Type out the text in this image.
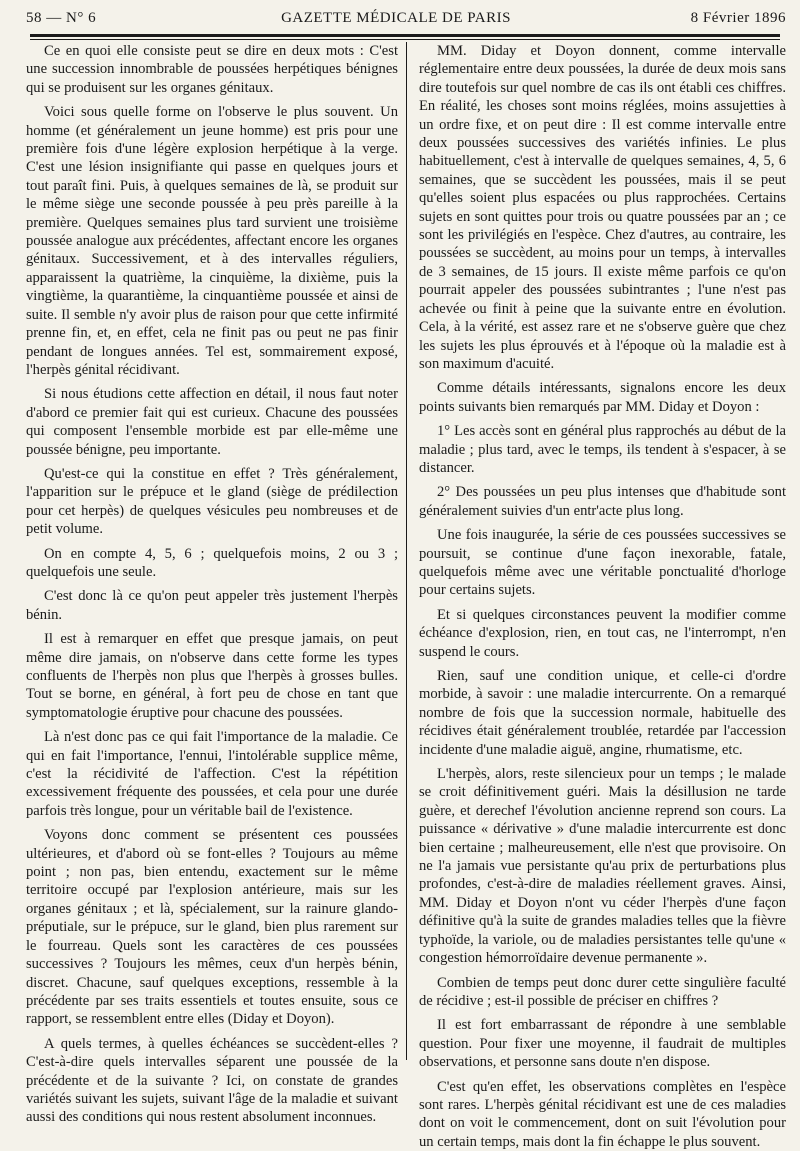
58 — N° 6	GAZETTE MÉDICALE DE PARIS	8 Février 1896

Ce en quoi elle consiste peut se dire en deux mots : C'est une succession innombrable de poussées herpétiques bénignes qui se produisent sur les organes génitaux.

Voici sous quelle forme on l'observe le plus souvent. Un homme (et généralement un jeune homme) est pris pour une première fois d'une légère explosion herpétique à la verge. C'est une lésion insignifiante qui passe en quelques jours et tout paraît fini. Puis, à quelques semaines de là, se produit sur le même siège une seconde poussée à peu près pareille à la première. Quelques semaines plus tard survient une troisième poussée analogue aux précédentes, affectant encore les organes génitaux. Successivement, et à des intervalles réguliers, apparaissent la quatrième, la cinquième, la dixième, puis la vingtième, la quarantième, la cinquantième poussée et ainsi de suite. Il semble n'y avoir plus de raison pour que cette infirmité prenne fin, et, en effet, cela ne finit pas ou peut ne pas finir pendant de longues années. Tel est, sommairement exposé, l'herpès génital récidivant.

Si nous étudions cette affection en détail, il nous faut noter d'abord ce premier fait qui est curieux. Chacune des poussées qui composent l'ensemble morbide est par elle-même une poussée bénigne, peu importante.

Qu'est-ce qui la constitue en effet ? Très généralement, l'apparition sur le prépuce et le gland (siège de prédilection pour cet herpès) de quelques vésicules peu nombreuses et de petit volume.

On en compte 4, 5, 6 ; quelquefois moins, 2 ou 3 ; quelquefois une seule.

C'est donc là ce qu'on peut appeler très justement l'herpès bénin.

Il est à remarquer en effet que presque jamais, on peut même dire jamais, on n'observe dans cette forme les types confluents de l'herpès non plus que l'herpès à grosses bulles. Tout se borne, en général, à fort peu de chose en tant que symptomatologie éruptive pour chacune des poussées.

Là n'est donc pas ce qui fait l'importance de la maladie. Ce qui en fait l'importance, l'ennui, l'intolérable supplice même, c'est la récidivité de l'affection. C'est la répétition excessivement fréquente des poussées, et cela pour une durée parfois très longue, pour un véritable bail de l'existence.

Voyons donc comment se présentent ces poussées ultérieures, et d'abord où se font-elles ? Toujours au même point ; non pas, bien entendu, exactement sur le même territoire occupé par l'explosion antérieure, mais sur les organes génitaux ; et là, spécialement, sur la rainure glando-préputiale, sur le prépuce, sur le gland, bien plus rarement sur le fourreau. Quels sont les caractères de ces poussées successives ? Toujours les mêmes, ceux d'un herpès bénin, discret. Chacune, sauf quelques exceptions, ressemble à la précédente par ses traits essentiels et toutes ensuite, sous ce rapport, se ressemblent entre elles (Diday et Doyon).

A quels termes, à quelles échéances se succèdent-elles ? C'est-à-dire quels intervalles séparent une poussée de la précédente et de la suivante ? Ici, on constate de grandes variétés suivant les sujets, suivant l'âge de la maladie et suivant aussi des conditions qui nous restent absolument inconnues.

MM. Diday et Doyon donnent, comme intervalle réglementaire entre deux poussées, la durée de deux mois sans dire toutefois sur quel nombre de cas ils ont établi ces chiffres. En réalité, les choses sont moins réglées, moins assujetties à un ordre fixe, et on peut dire : Il est comme intervalle entre deux poussées successives des variétés infinies. Le plus habituellement, c'est à intervalle de quelques semaines, 4, 5, 6 semaines, que se succèdent les poussées, mais il se peut qu'elles soient plus espacées ou plus rapprochées. Certains sujets en sont quittes pour trois ou quatre poussées par an ; ce sont les privilégiés en l'espèce. Chez d'autres, au contraire, les poussées se succèdent, au moins pour un temps, à intervalles de 3 semaines, de 15 jours. Il existe même parfois ce qu'on pourrait appeler des poussées subintrantes ; l'une n'est pas achevée ou finit à peine que la suivante entre en évolution. Cela, à la vérité, est assez rare et ne s'observe guère que chez les sujets les plus éprouvés et à l'époque où la maladie est à son maximum d'acuité.

Comme détails intéressants, signalons encore les deux points suivants bien remarqués par MM. Diday et Doyon :

1° Les accès sont en général plus rapprochés au début de la maladie ; plus tard, avec le temps, ils tendent à s'espacer, à se distancer.

2° Des poussées un peu plus intenses que d'habitude sont généralement suivies d'un entr'acte plus long.

Une fois inaugurée, la série de ces poussées successives se poursuit, se continue d'une façon inexorable, fatale, quelquefois même avec une véritable ponctualité d'horloge pour certains sujets.

Et si quelques circonstances peuvent la modifier comme échéance d'explosion, rien, en tout cas, ne l'interrompt, n'en suspend le cours.

Rien, sauf une condition unique, et celle-ci d'ordre morbide, à savoir : une maladie intercurrente. On a remarqué nombre de fois que la succession normale, habituelle des récidives était généralement troublée, retardée par l'accession incidente d'une maladie aiguë, angine, rhumatisme, etc.

L'herpès, alors, reste silencieux pour un temps ; le malade se croit définitivement guéri. Mais la désillusion ne tarde guère, et derechef l'évolution ancienne reprend son cours. La puissance « dérivative » d'une maladie intercurrente est donc bien certaine ; malheureusement, elle n'est que provisoire. On ne l'a jamais vue persistante qu'au prix de perturbations plus profondes, c'est-à-dire de maladies réellement graves. Ainsi, MM. Diday et Doyon n'ont vu céder l'herpès d'une façon définitive qu'à la suite de grandes maladies telles que la fièvre typhoïde, la variole, ou de maladies persistantes telle qu'une « congestion hémorroïdaire devenue permanente ».

Combien de temps peut donc durer cette singulière faculté de récidive ; est-il possible de préciser en chiffres ?

Il est fort embarrassant de répondre à une semblable question. Pour fixer une moyenne, il faudrait de multiples observations, et personne sans doute n'en dispose.

C'est qu'en effet, les observations complètes en l'espèce sont rares. L'herpès génital récidivant est une de ces maladies dont on voit le commencement, dont on suit l'évolution pour un certain temps, mais dont la fin échappe le plus souvent.
